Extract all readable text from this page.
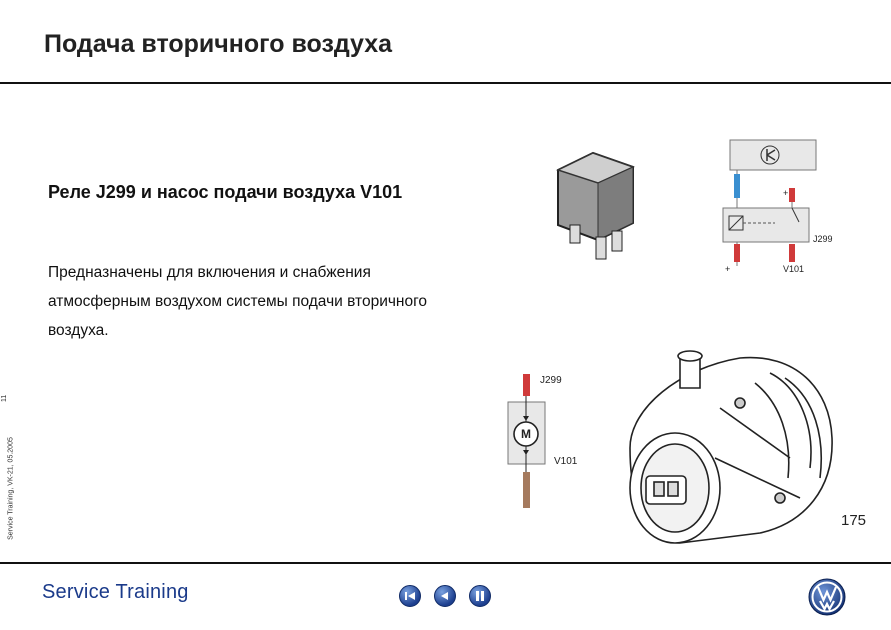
Подача вторичного воздуха
Реле J299 и насос подачи воздуха V101
Предназначены для включения и снабжения атмосферным воздухом системы подачи вторичного воздуха.
11
Service Training, VK-21, 05.2005
+
+
J299
V101
M
J299
V101
175
Service Training
